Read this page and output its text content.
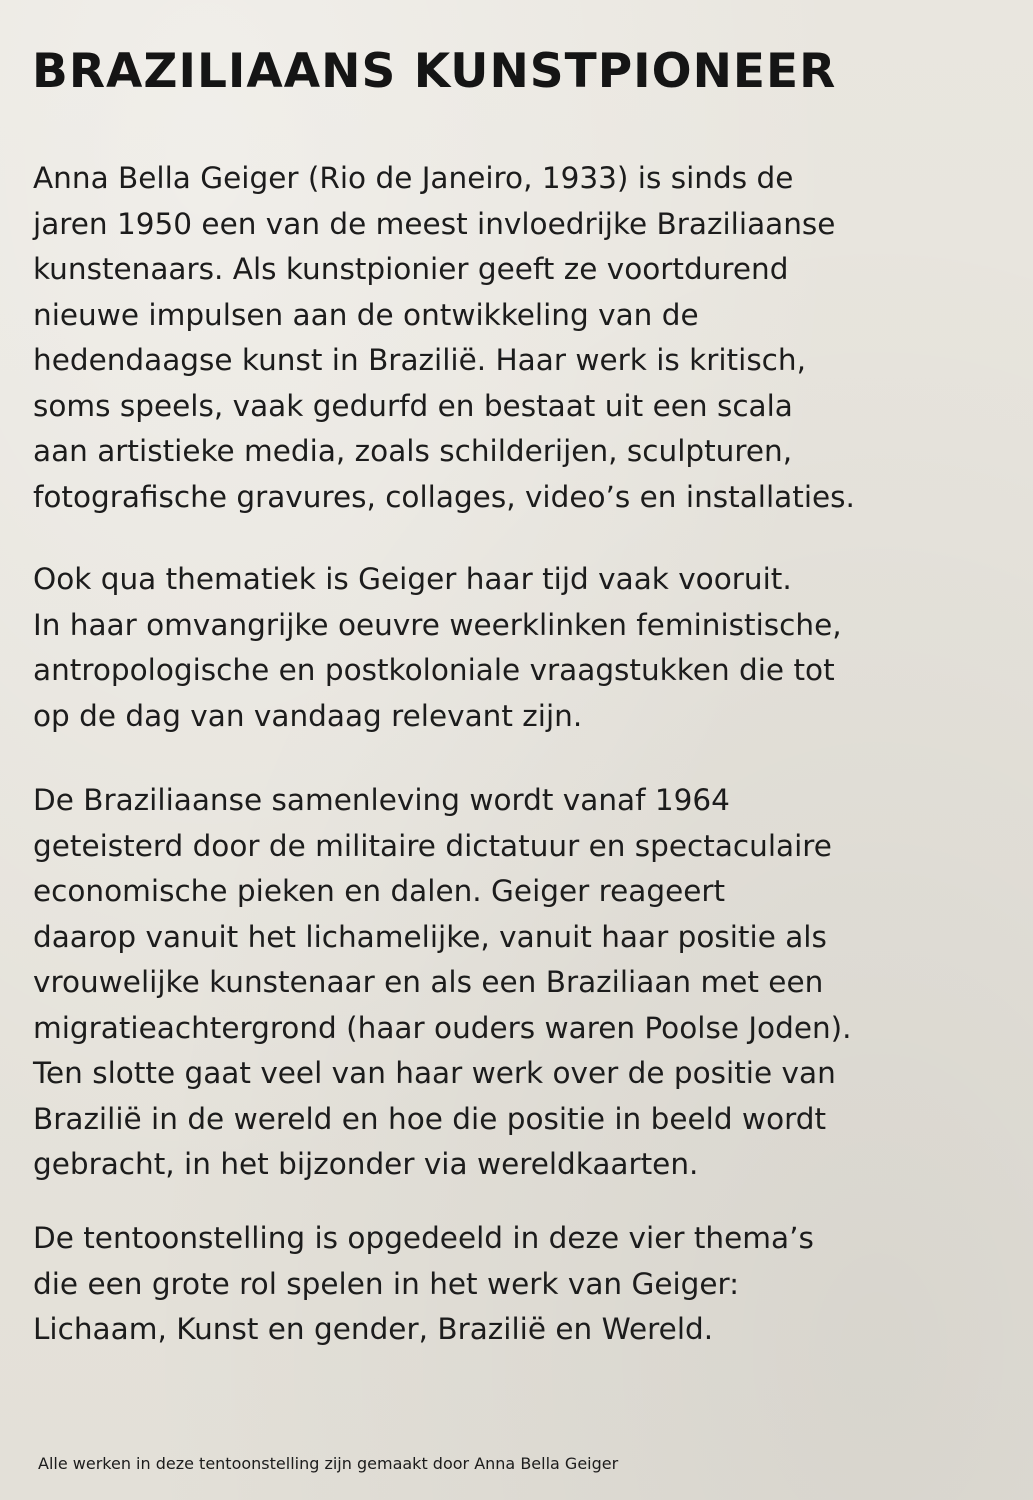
BRAZILIAANS KUNSTPIONEER

Anna Bella Geiger (Rio de Janeiro, 1933) is sinds de
jaren 1950 een van de meest invloedrijke Braziliaanse
kunstenaars. Als kunstpionier geeft ze voortdurend
nieuwe impulsen aan de ontwikkeling van de
hedendaagse kunst in Brazilië. Haar werk is kritisch,
soms speels, vaak gedurfd en bestaat uit een scala
aan artistieke media, zoals schilderijen, sculpturen,
fotografische gravures, collages, video’s en installaties.

Ook qua thematiek is Geiger haar tijd vaak vooruit.
In haar omvangrijke oeuvre weerklinken feministische,
antropologische en postkoloniale vraagstukken die tot
op de dag van vandaag relevant zijn.

De Braziliaanse samenleving wordt vanaf 1964
geteisterd door de militaire dictatuur en spectaculaire
economische pieken en dalen. Geiger reageert
daarop vanuit het lichamelijke, vanuit haar positie als
vrouwelijke kunstenaar en als een Braziliaan met een
migratieachtergrond (haar ouders waren Poolse Joden).
Ten slotte gaat veel van haar werk over de positie van
Brazilië in de wereld en hoe die positie in beeld wordt
gebracht, in het bijzonder via wereldkaarten.

De tentoonstelling is opgedeeld in deze vier thema’s
die een grote rol spelen in het werk van Geiger:
Lichaam, Kunst en gender, Brazilië en Wereld.

Alle werken in deze tentoonstelling zijn gemaakt door Anna Bella Geiger
